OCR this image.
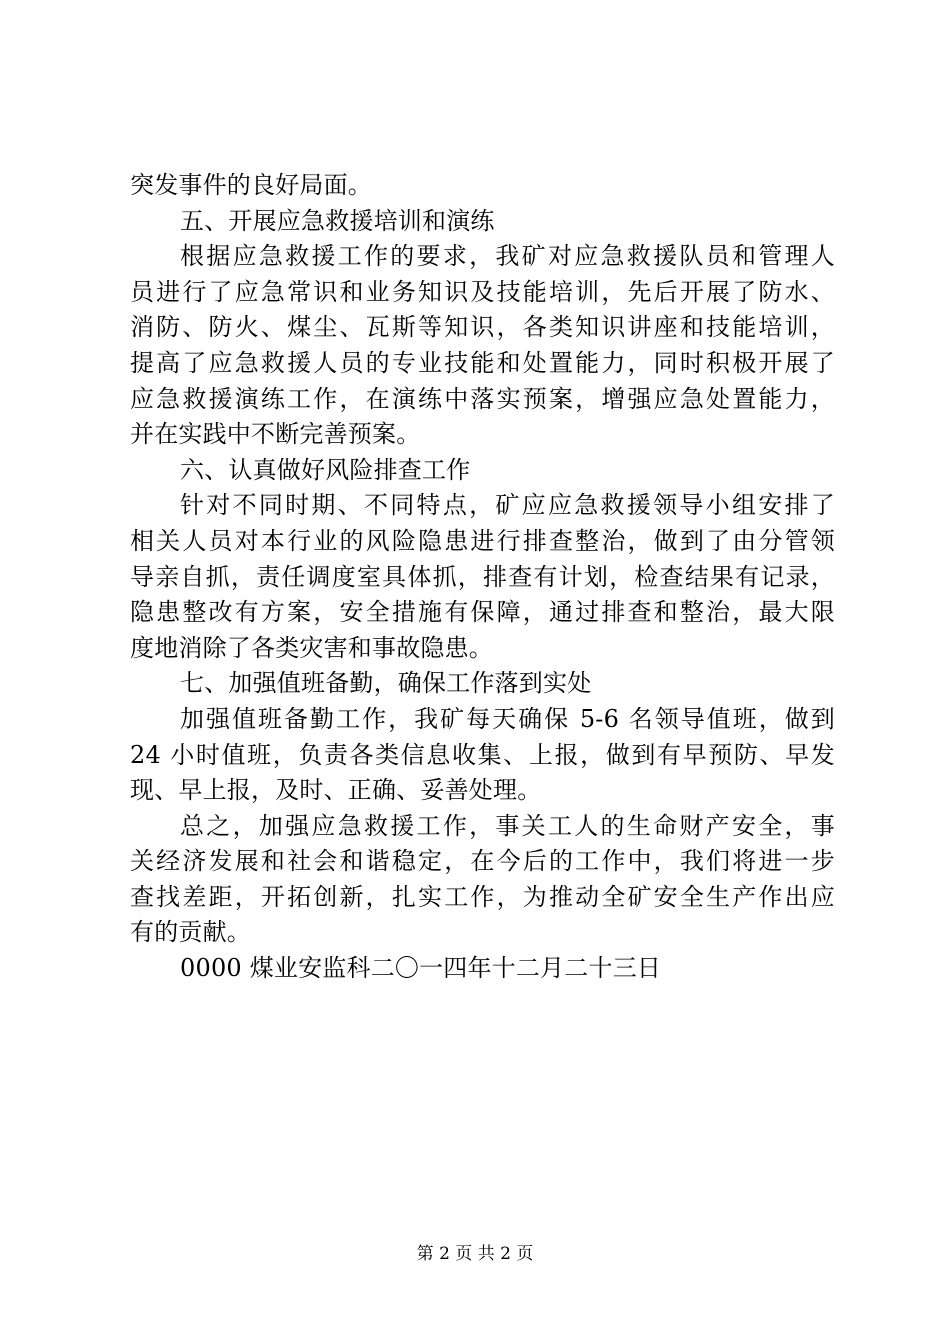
突发事件的良好局面。
五、开展应急救援培训和演练
根据应急救援工作的要求，我矿对应急救援队员和管理人
员进行了应急常识和业务知识及技能培训，先后开展了防水、
消防、防火、煤尘、瓦斯等知识，各类知识讲座和技能培训，
提高了应急救援人员的专业技能和处置能力，同时积极开展了
应急救援演练工作，在演练中落实预案，增强应急处置能力，
并在实践中不断完善预案。
六、认真做好风险排查工作
针对不同时期、不同特点，矿应应急救援领导小组安排了
相关人员对本行业的风险隐患进行排查整治，做到了由分管领
导亲自抓，责任调度室具体抓，排查有计划，检查结果有记录，
隐患整改有方案，安全措施有保障，通过排查和整治，最大限
度地消除了各类灾害和事故隐患。
七、加强值班备勤，确保工作落到实处
加强值班备勤工作，我矿每天确保 5-6 名领导值班，做到
24 小时值班，负责各类信息收集、上报，做到有早预防、早发
现、早上报，及时、正确、妥善处理。
总之，加强应急救援工作，事关工人的生命财产安全，事
关经济发展和社会和谐稳定，在今后的工作中，我们将进一步
查找差距，开拓创新，扎实工作，为推动全矿安全生产作出应
有的贡献。
0000 煤业安监科二〇一四年十二月二十三日
第 2 页 共 2 页
